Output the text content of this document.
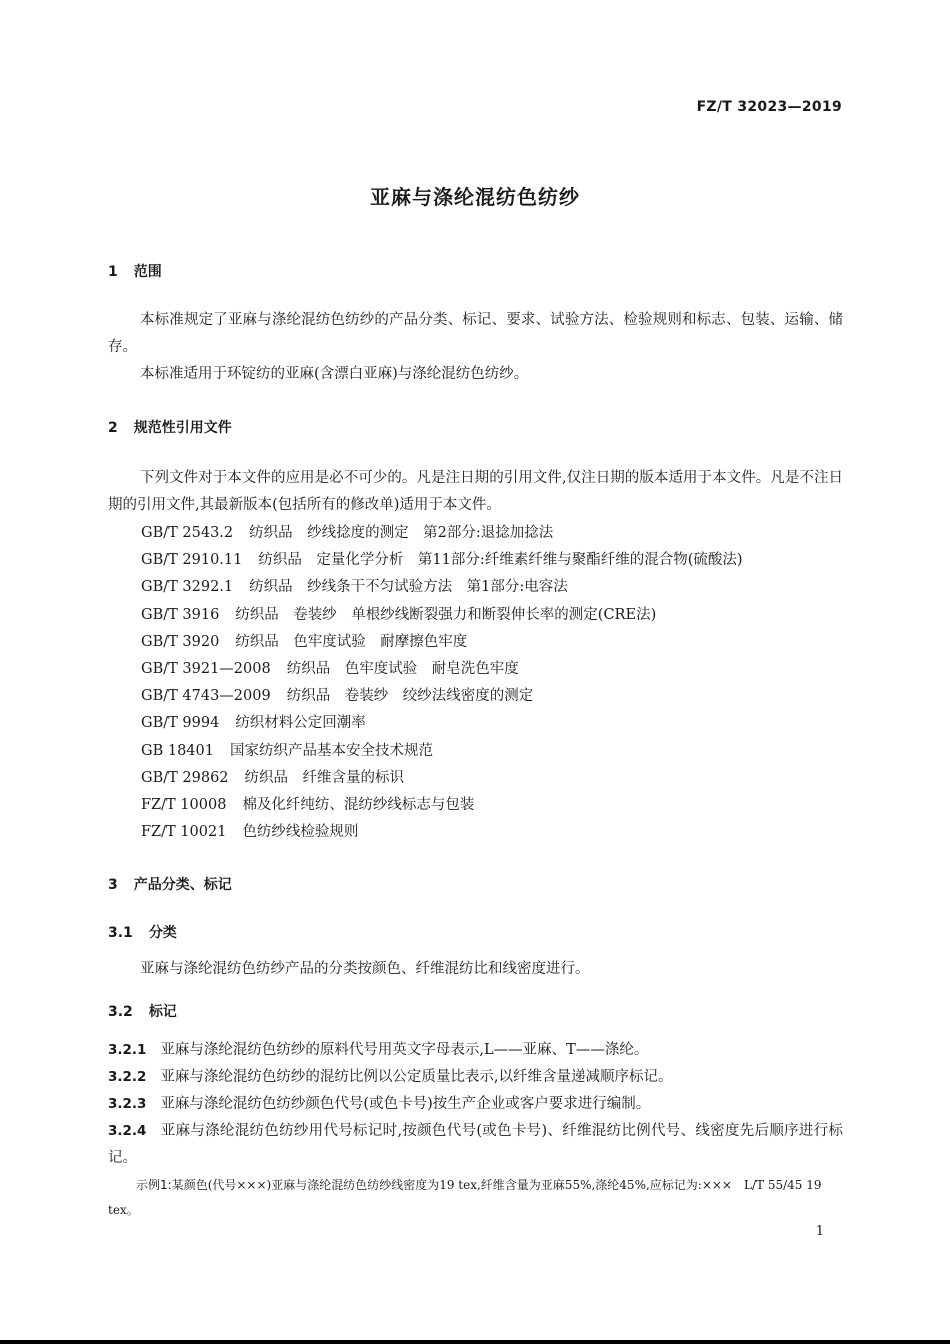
FZ/T 32023—2019
亚麻与涤纶混纺色纺纱
1 范围
本标准规定了亚麻与涤纶混纺色纺纱的产品分类、标记、要求、试验方法、检验规则和标志、包装、运输、储存。
本标准适用于环锭纺的亚麻(含漂白亚麻)与涤纶混纺色纺纱。
2 规范性引用文件
下列文件对于本文件的应用是必不可少的。凡是注日期的引用文件,仅注日期的版本适用于本文件。凡是不注日期的引用文件,其最新版本(包括所有的修改单)适用于本文件。
GB/T 2543.2 纺织品　纱线捻度的测定　第2部分:退捻加捻法
GB/T 2910.11 纺织品　定量化学分析　第11部分:纤维素纤维与聚酯纤维的混合物(硫酸法)
GB/T 3292.1 纺织品　纱线条干不匀试验方法　第1部分:电容法
GB/T 3916 纺织品　卷装纱　单根纱线断裂强力和断裂伸长率的测定(CRE法)
GB/T 3920 纺织品　色牢度试验　耐摩擦色牢度
GB/T 3921—2008 纺织品　色牢度试验　耐皂洗色牢度
GB/T 4743—2009 纺织品　卷装纱　绞纱法线密度的测定
GB/T 9994 纺织材料公定回潮率
GB 18401 国家纺织产品基本安全技术规范
GB/T 29862 纺织品　纤维含量的标识
FZ/T 10008 棉及化纤纯纺、混纺纱线标志与包装
FZ/T 10021 色纺纱线检验规则
3 产品分类、标记
3.1 分类
亚麻与涤纶混纺色纺纱产品的分类按颜色、纤维混纺比和线密度进行。
3.2 标记
3.2.1 亚麻与涤纶混纺色纺纱的原料代号用英文字母表示,L——亚麻、T——涤纶。
3.2.2 亚麻与涤纶混纺色纺纱的混纺比例以公定质量比表示,以纤维含量递减顺序标记。
3.2.3 亚麻与涤纶混纺色纺纱颜色代号(或色卡号)按生产企业或客户要求进行编制。
3.2.4 亚麻与涤纶混纺色纺纱用代号标记时,按颜色代号(或色卡号)、纤维混纺比例代号、线密度先后顺序进行标记。
示例1:某颜色(代号×××)亚麻与涤纶混纺色纺纱线密度为19 tex,纤维含量为亚麻55%,涤纶45%,应标记为:×××　L/T 55/45 19 tex。
1
